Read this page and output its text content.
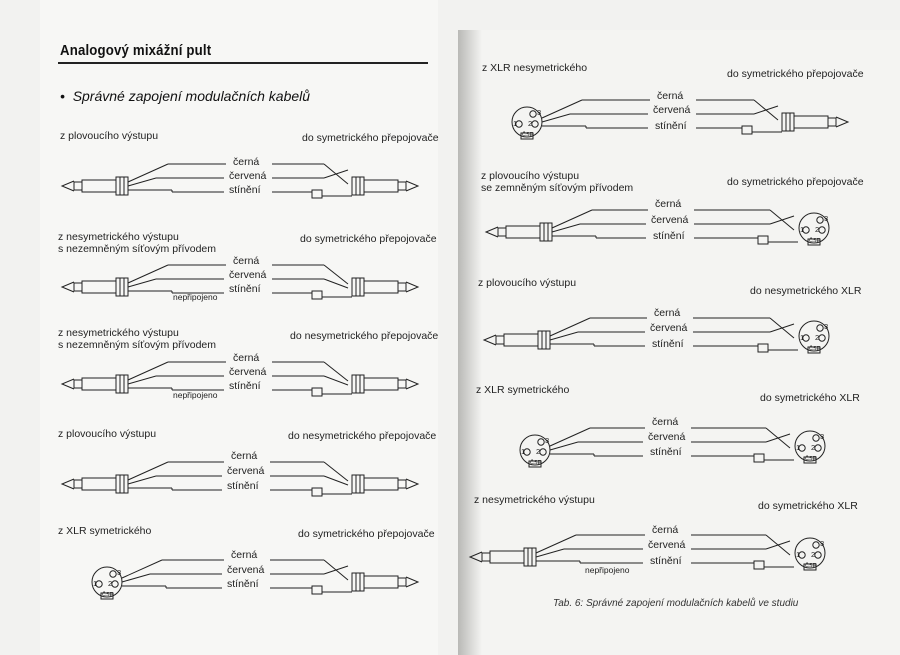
Analogový mixážní pult
• Správné zapojení modulačních kabelů
z plovoucího výstupu	do symetrického přepojovače
černá
červená
stínění
z nesymetrického výstupu
s nezemněným síťovým přívodem
do symetrického přepojovače
černá
červená
stínění
nepřipojeno
z nesymetrického výstupu
s nezemněným síťovým přívodem
do nesymetrického přepojovače
černá
červená
stínění
nepřipojeno
z plovoucího výstupu	do nesymetrického přepojovače
černá
červená
stínění
z XLR symetrického	do symetrického přepojovače
černá
červená
stínění
z XLR nesymetrického	do symetrického přepojovače
černá
červená
stínění
z plovoucího výstupu
se zemněným síťovým přívodem	do symetrického přepojovače
černá
červená
stínění
z plovoucího výstupu
do nesymetrického XLR
černá
červená
stínění
z XLR symetrického
do symetrického XLR
černá
červená
stínění
z nesymetrického výstupu	do symetrického XLR
černá
červená
stínění
nepřipojeno
Tab. 6: Správné zapojení modulačních kabelů ve studiu
3
1 2
ČSE
3
1 2
ČSE
3
1 2
ČSE
3
1 2
ČSE
3
1 2
ČSE
3
1 2
ČSE
3
1 2
ČSE
